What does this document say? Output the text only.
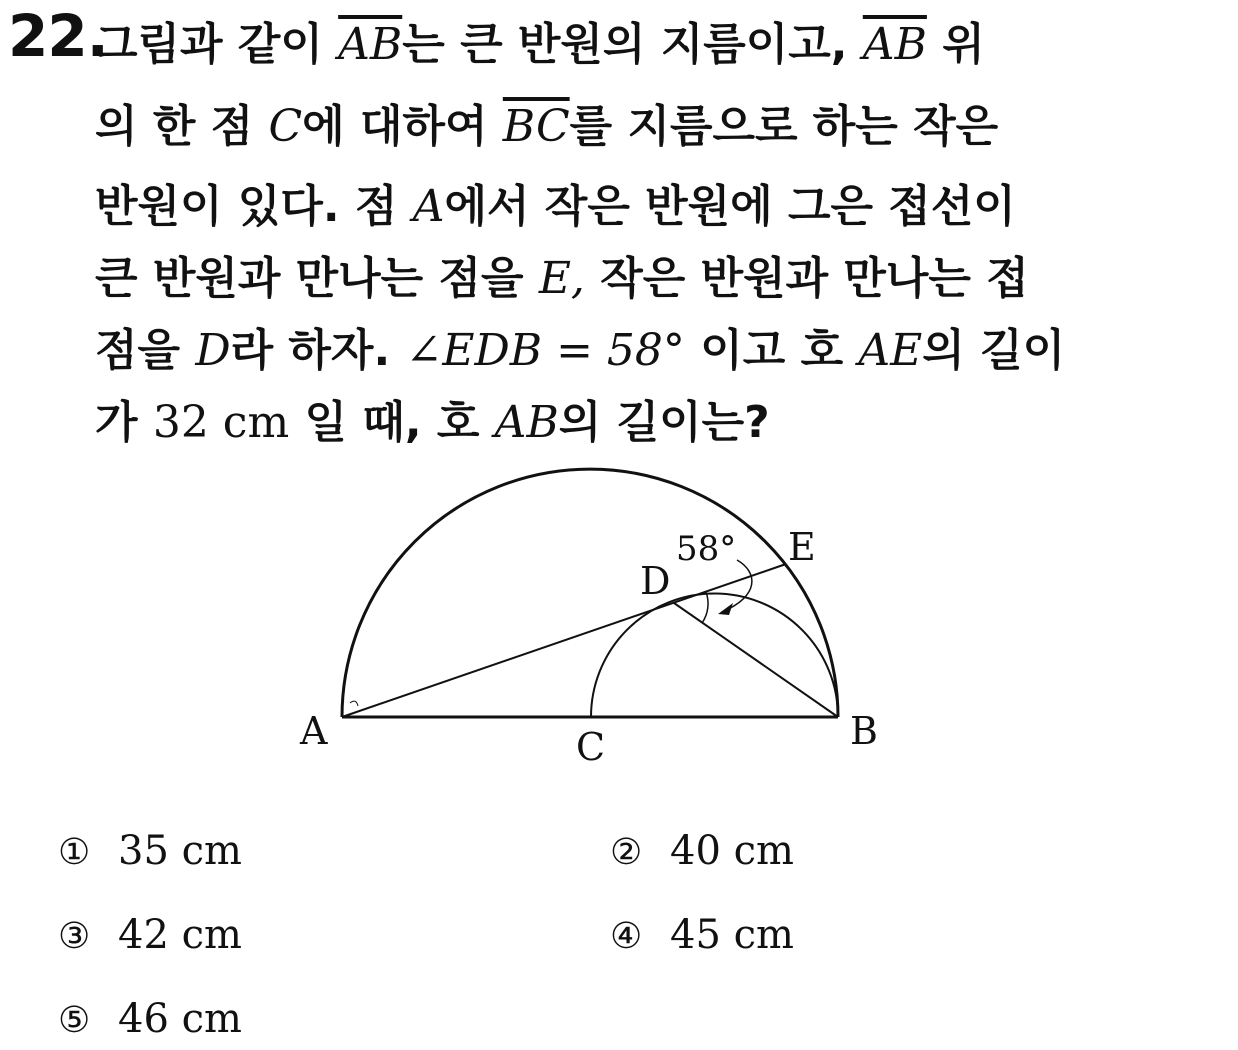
22.
그림과 같이 $\overline{AB}$는 큰 반원의 지름이고, $\overline{AB}$ 위
의 한 점 C에 대하여 $\overline{BC}$를 지름으로 하는 작은
반원이 있다. 점 A에서 작은 반원에 그은 접선이
큰 반원과 만나는 점을 E, 작은 반원과 만나는 접
점을 D라 하자. ∠EDB = 58° 이고 호 AE의 길이
가 32 cm 일 때, 호 AB의 길이는?
A	B
C
D
E
58°
① 35 cm	② 40 cm
③ 42 cm	④ 45 cm
⑤ 46 cm
